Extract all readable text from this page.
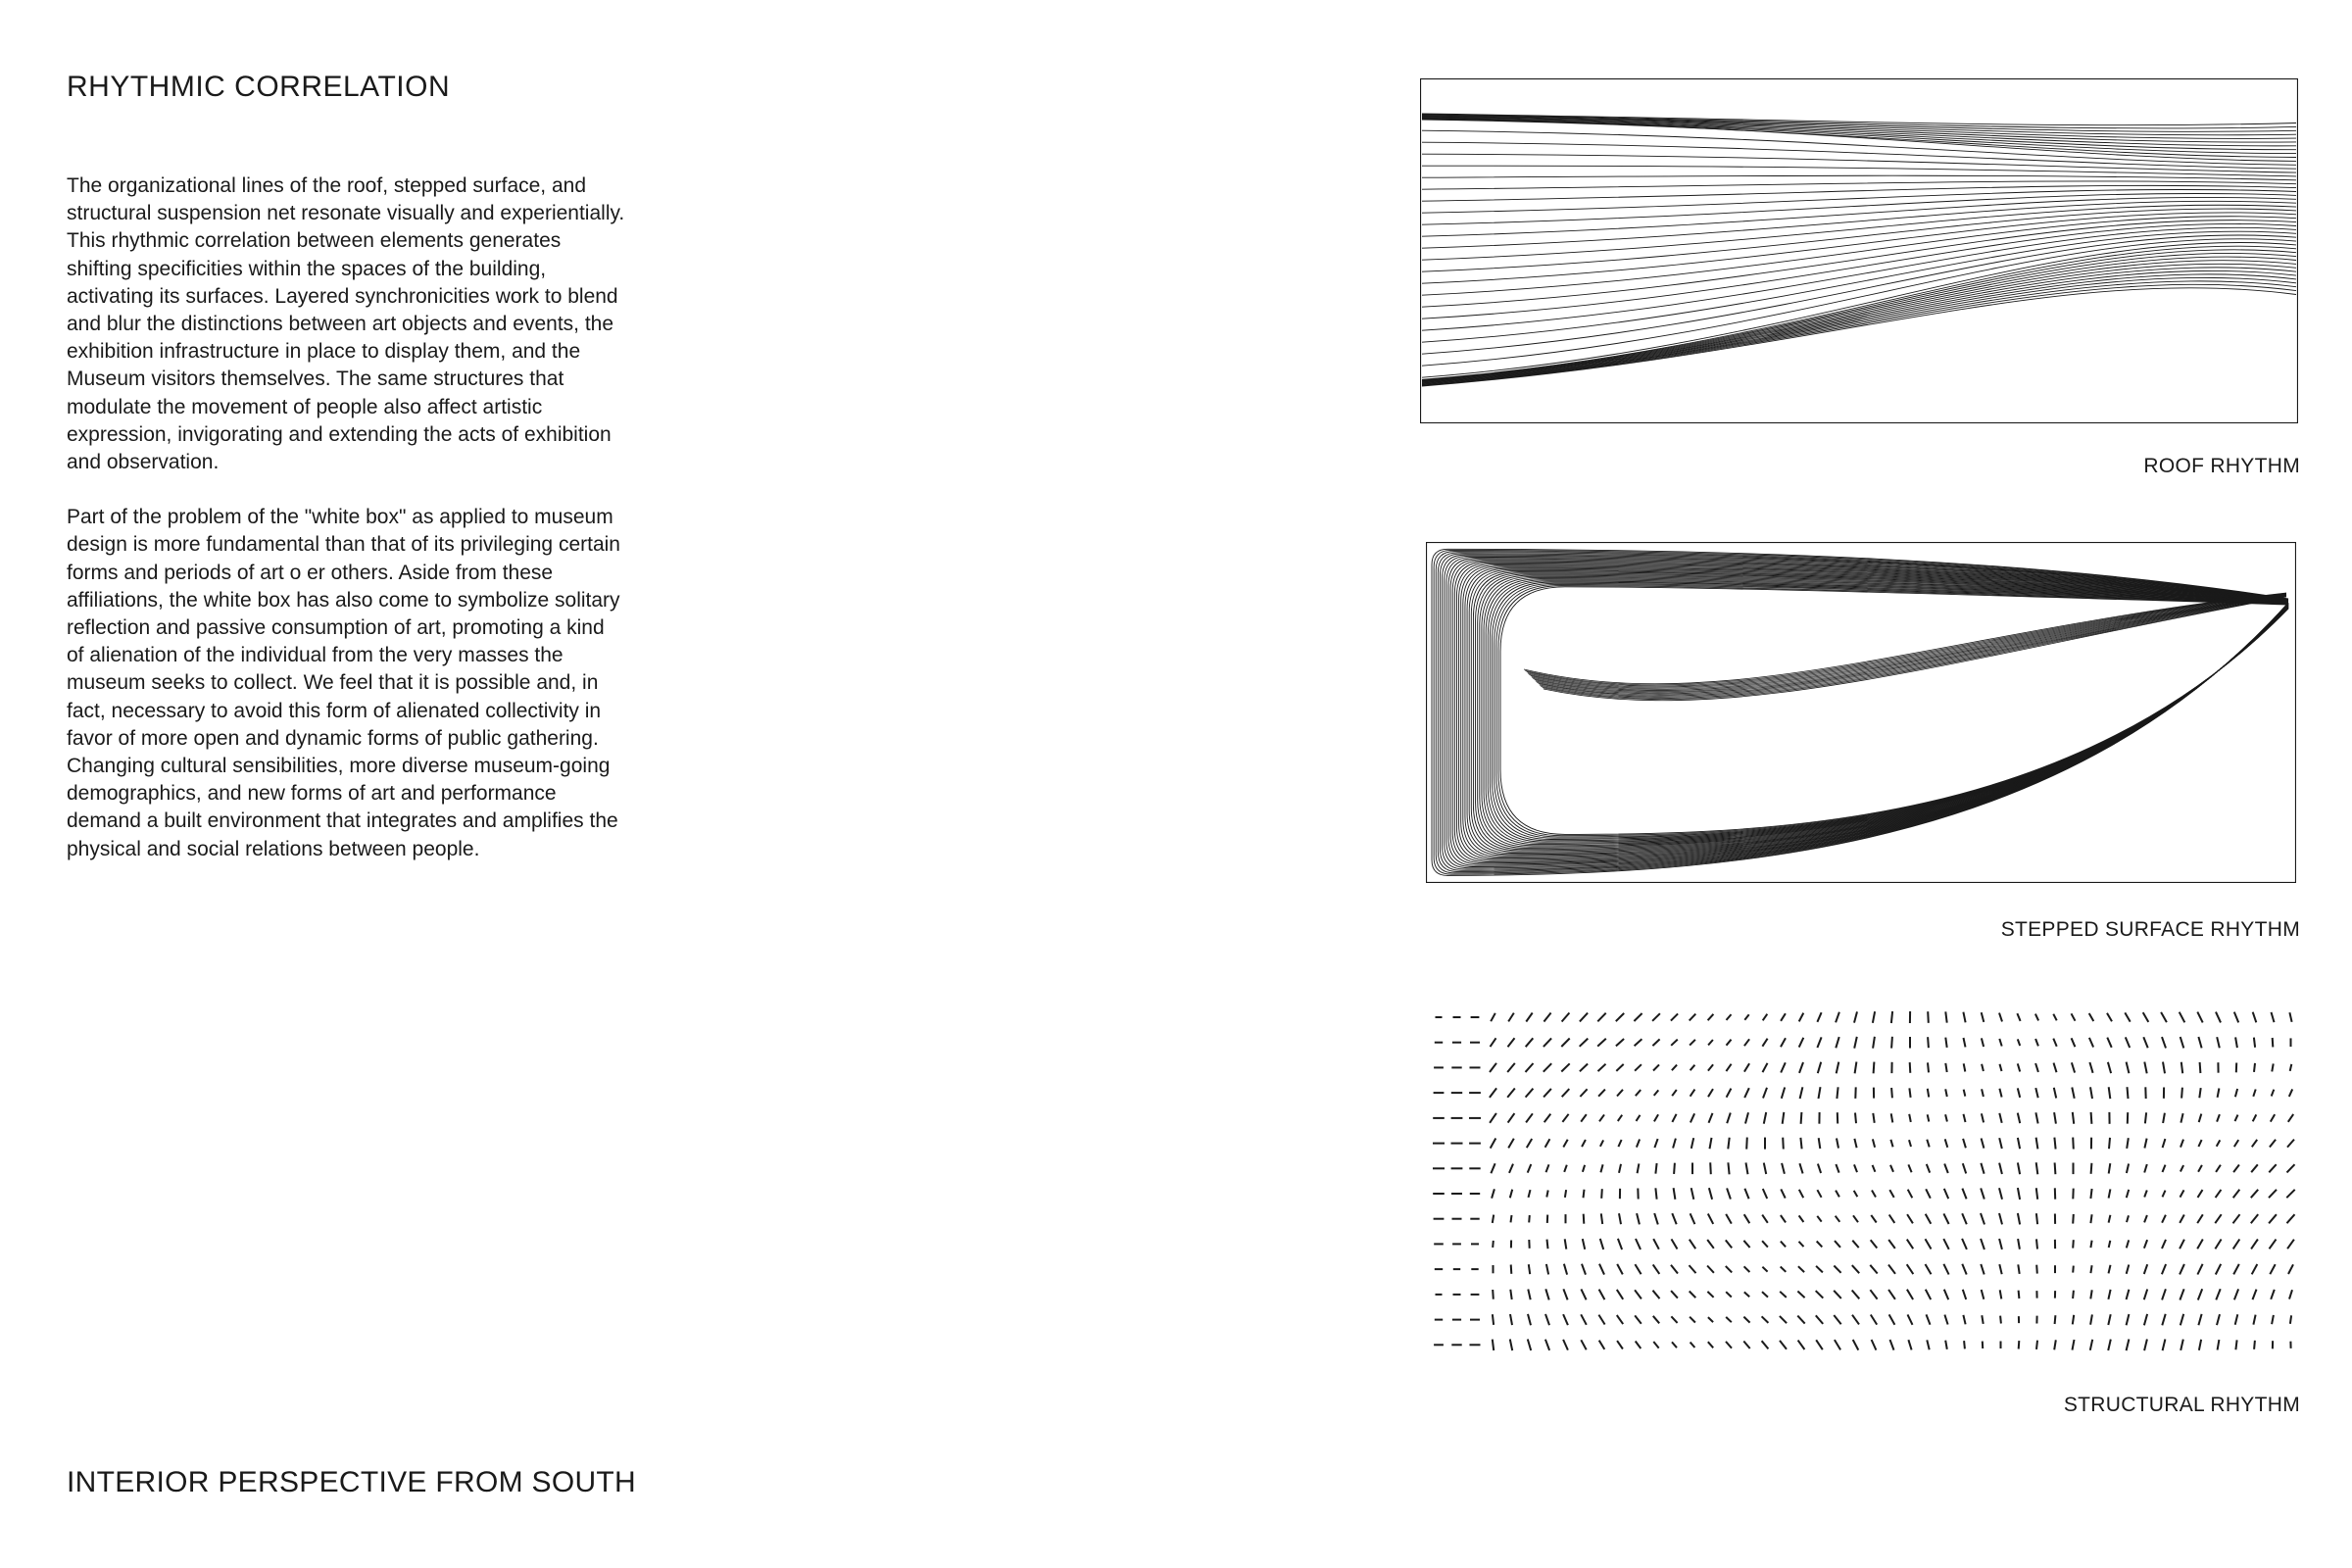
RHYTHMIC CORRELATION

The organizational lines of the roof, stepped surface, and structural suspension net resonate visually and experientially. This rhythmic correlation between elements generates shifting specificities within the spaces of the building, activating its surfaces. Layered synchronicities work to blend and blur the distinctions between art objects and events, the exhibition infrastructure in place to display them, and the Museum visitors themselves. The same structures that modulate the movement of people also affect artistic expression, invigorating and extending the acts of exhibition and observation.

Part of the problem of the "white box" as applied to museum design is more fundamental than that of its privileging certain forms and periods of art o er others. Aside from these affiliations, the white box has also come to symbolize solitary reflection and passive consumption of art, promoting a kind of alienation of the individual from the very masses the museum seeks to collect. We feel that it is possible and, in fact, necessary to avoid this form of alienated collectivity in favor of more open and dynamic forms of public gathering. Changing cultural sensibilities, more diverse museum-going demographics, and new forms of art and performance demand a built environment that integrates and amplifies the physical and social relations between people.

INTERIOR PERSPECTIVE FROM SOUTH
ROOF RHYTHM
STEPPED SURFACE RHYTHM
STRUCTURAL RHYTHM
